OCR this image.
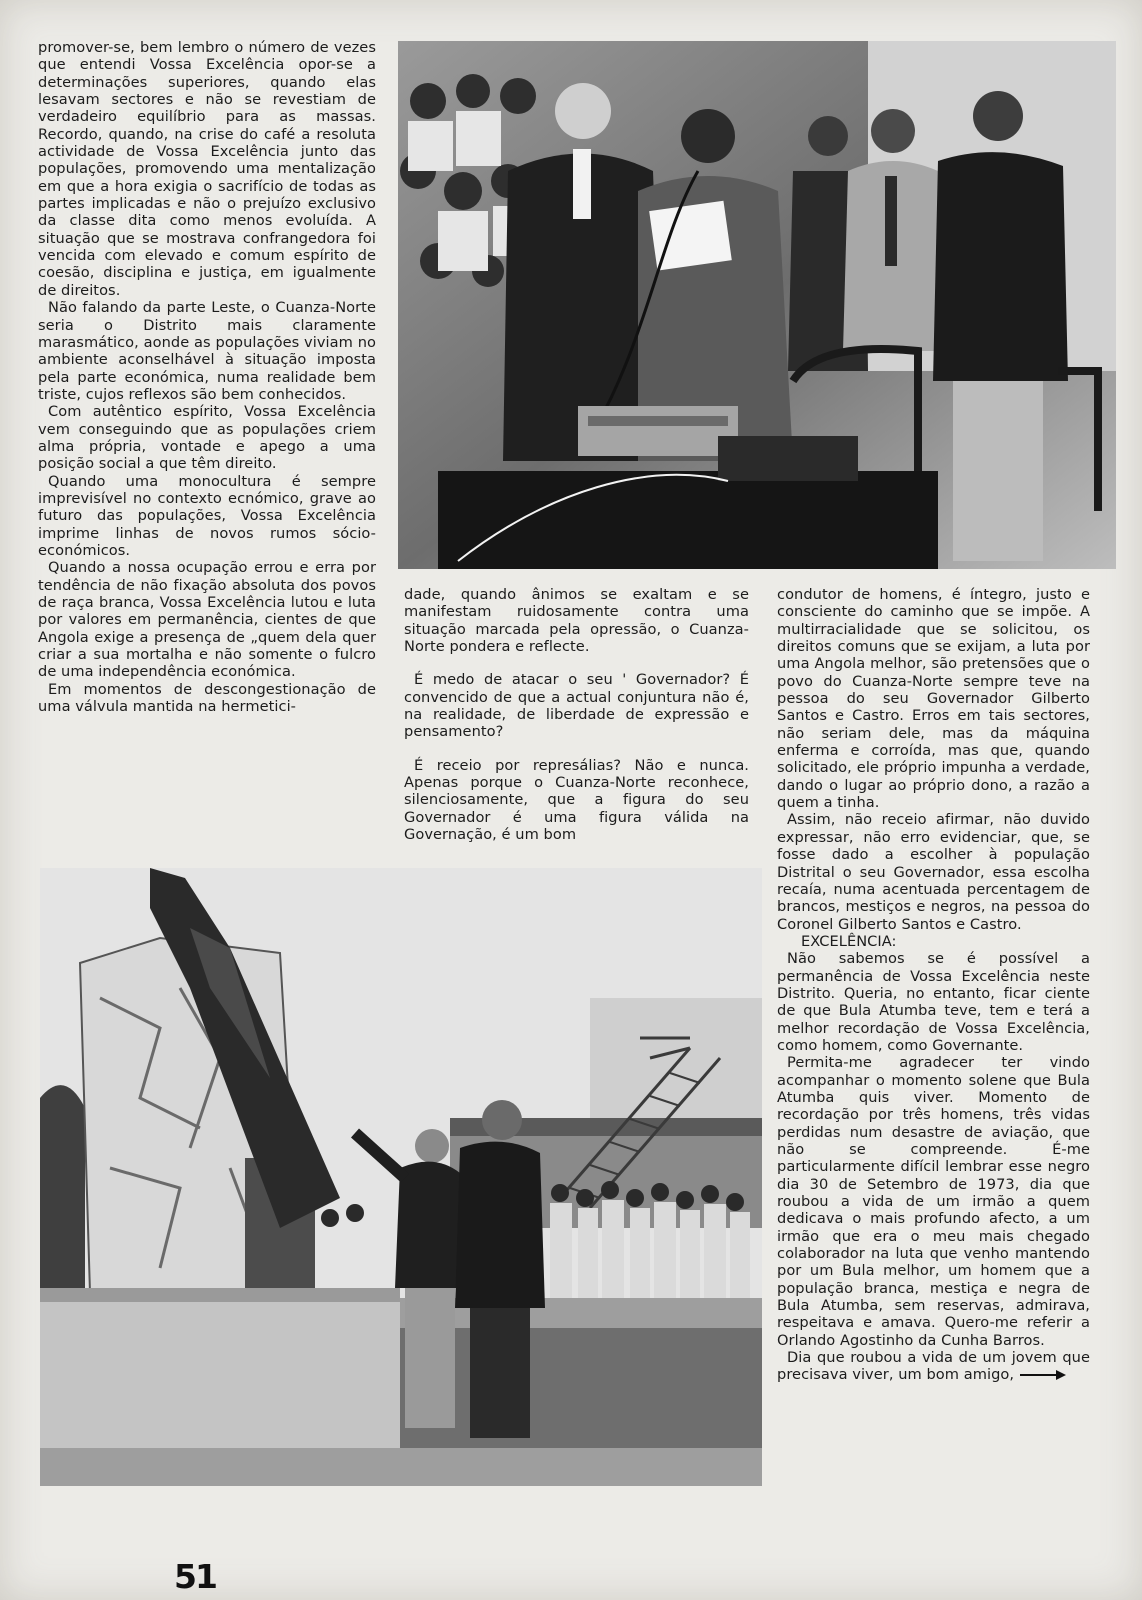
promover-se, bem lembro o número de vezes que entendi Vossa Excelência opor-se a determinações superiores, quando elas lesavam sectores e não se revestiam de verdadeiro equilíbrio para as massas. Recordo, quando, na crise do café a resoluta actividade de Vossa Excelência junto das populações, promovendo uma mentalização em que a hora exigia o sacrifício de todas as partes implicadas e não o prejuízo exclusivo da classe dita como menos evoluída. A situação que se mostrava confrangedora foi vencida com elevado e comum espírito de coesão, disciplina e justiça, em igualmente de direitos.

Não falando da parte Leste, o Cuanza-Norte seria o Distrito mais claramente marasmático, aonde as populações viviam no ambiente aconselhável à situação imposta pela parte económica, numa realidade bem triste, cujos reflexos são bem conhecidos.

Com autêntico espírito, Vossa Excelência vem conseguindo que as populações criem alma própria, vontade e apego a uma posição social a que têm direito.

Quando uma monocultura é sempre imprevisível no contexto ecnómico, grave ao futuro das populações, Vossa Excelência imprime linhas de novos rumos sócio-económicos.

Quando a nossa ocupação errou e erra por tendência de não fixação absoluta dos povos de raça branca, Vossa Excelência lutou e luta por valores em permanência, cientes de que Angola exige a presença de „quem dela quer criar a sua mortalha e não somente o fulcro de uma independência económica.

Em momentos de descongestionação de uma válvula mantida na hermetici-

dade, quando ânimos se exaltam e se manifestam ruidosamente contra uma situação marcada pela opressão, o Cuanza-Norte pondera e reflecte.

É medo de atacar o seu ' Governador? É convencido de que a actual conjuntura não é, na realidade, de liberdade de expressão e pensamento?

É receio por represálias? Não e nunca. Apenas porque o Cuanza-Norte reconhece, silenciosamente, que a figura do seu Governador é uma figura válida na Governação, é um bom

condutor de homens, é íntegro, justo e consciente do caminho que se impõe. A multirracialidade que se solicitou, os direitos comuns que se exijam, a luta por uma Angola melhor, são pretensões que o povo do Cuanza-Norte sempre teve na pessoa do seu Governador Gilberto Santos e Castro. Erros em tais sectores, não seriam dele, mas da máquina enferma e corroída, mas que, quando solicitado, ele próprio impunha a verdade, dando o lugar ao próprio dono, a razão a quem a tinha.

Assim, não receio afirmar, não duvido expressar, não erro evidenciar, que, se fosse dado a escolher à população Distrital o seu Governador, essa escolha recaía, numa acentuada percentagem de brancos, mestiços e negros, na pessoa do Coronel Gilberto Santos e Castro.

EXCELÊNCIA:

Não sabemos se é possível a permanência de Vossa Excelência neste Distrito. Queria, no entanto, ficar ciente de que Bula Atumba teve, tem e terá a melhor recordação de Vossa Excelência, como homem, como Governante.

Permita-me agradecer ter vindo acompanhar o momento solene que Bula Atumba quis viver. Momento de recordação por três homens, três vidas perdidas num desastre de aviação, que não se compreende. É-me particularmente difícil lembrar esse negro dia 30 de Setembro de 1973, dia que roubou a vida de um irmão a quem dedicava o mais profundo afecto, a um irmão que era o meu mais chegado colaborador na luta que venho mantendo por um Bula melhor, um homem que a população branca, mestiça e negra de Bula Atumba, sem reservas, admirava, respeitava e amava. Quero-me referir a Orlando Agostinho da Cunha Barros.

Dia que roubou a vida de um jovem que precisava viver, um bom amigo,

51
